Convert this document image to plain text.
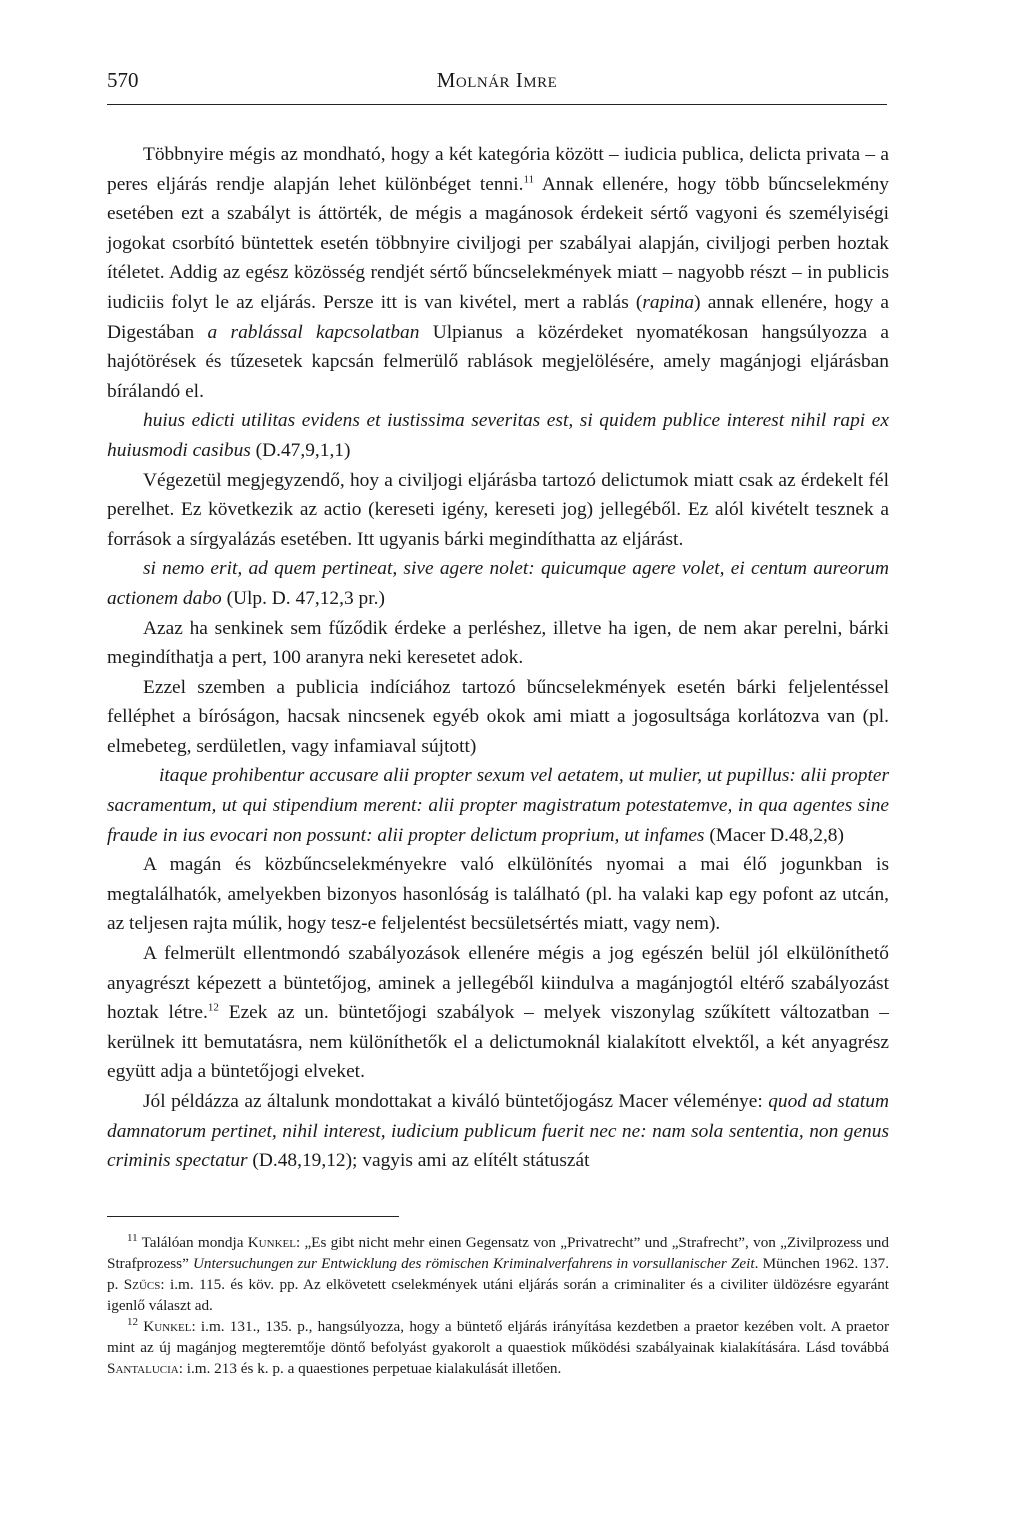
570	Molnár Imre

Többnyire mégis az mondható, hogy a két kategória között – iudicia publica, delicta privata – a peres eljárás rendje alapján lehet különbéget tenni.$^{11}$ Annak ellenére, hogy több bűncselekmény esetében ezt a szabályt is áttörték, de mégis a magánosok érdekeit sértő vagyoni és személyiségi jogokat csorbító büntettek esetén többnyire civiljogi per szabályai alapján, civiljogi perben hoztak ítéletet. Addig az egész közösség rendjét sértő bűncselekmények miatt – nagyobb részt – in publicis iudiciis folyt le az eljárás. Persze itt is van kivétel, mert a rablás (rapina) annak ellenére, hogy a Digestában a rablással kapcsolatban Ulpianus a közérdeket nyomatékosan hangsúlyozza a hajótörések és tűzesetek kapcsán felmerülő rablások megjelölésére, amely magánjogi eljárásban bírálandó el.

huius edicti utilitas evidens et iustissima severitas est, si quidem publice interest nihil rapi ex huiusmodi casibus (D.47,9,1,1)

Végezetül megjegyzendő, hoy a civiljogi eljárásba tartozó delictumok miatt csak az érdekelt fél perelhet. Ez következik az actio (kereseti igény, kereseti jog) jellegéből. Ez alól kivételt tesznek a források a sírgyalázás esetében. Itt ugyanis bárki megindíthatta az eljárást.

si nemo erit, ad quem pertineat, sive agere nolet: quicumque agere volet, ei centum aureorum actionem dabo (Ulp. D. 47,12,3 pr.)

Azaz ha senkinek sem fűződik érdeke a perléshez, illetve ha igen, de nem akar perelni, bárki megindíthatja a pert, 100 aranyra neki keresetet adok.

Ezzel szemben a publicia indíciához tartozó bűncselekmények esetén bárki feljelentéssel felléphet a bíróságon, hacsak nincsenek egyéb okok ami miatt a jogosultsága korlátozva van (pl. elmebeteg, serdületlen, vagy infamiaval sújtott)

itaque prohibentur accusare alii propter sexum vel aetatem, ut mulier, ut pupillus: alii propter sacramentum, ut qui stipendium merent: alii propter magistratum potestatemve, in qua agentes sine fraude in ius evocari non possunt: alii propter delictum proprium, ut infames (Macer D.48,2,8)

A magán és közbűncselekményekre való elkülönítés nyomai a mai élő jogunkban is megtalálhatók, amelyekben bizonyos hasonlóság is található (pl. ha valaki kap egy pofont az utcán, az teljesen rajta múlik, hogy tesz-e feljelentést becsületsértés miatt, vagy nem).

A felmerült ellentmondó szabályozások ellenére mégis a jog egészén belül jól elkülöníthető anyagrészt képezett a büntetőjog, aminek a jellegéből kiindulva a magánjogtól eltérő szabályozást hoztak létre.$^{12}$ Ezek az un. büntetőjogi szabályok – melyek viszonylag szűkített változatban – kerülnek itt bemutatásra, nem különíthetők el a delictumoknál kialakított elvektől, a két anyagrész együtt adja a büntetőjogi elveket.

Jól példázza az általunk mondottakat a kiváló büntetőjogász Macer véleménye: quod ad statum damnatorum pertinet, nihil interest, iudicium publicum fuerit nec ne: nam sola sententia, non genus criminis spectatur (D.48,19,12); vagyis ami az elítélt státuszát

$^{11}$ Találóan mondja Kunkel: „Es gibt nicht mehr einen Gegensatz von „Privatrecht” und „Strafrecht”, von „Zivilprozess und Strafprozess” Untersuchungen zur Entwicklung des römischen Kriminalverfahrens in vorsullanischer Zeit. München 1962. 137. p. Szűcs: i.m. 115. és köv. pp. Az elkövetett cselekmények utáni eljárás során a criminaliter és a civiliter üldözésre egyaránt igenlő választ ad.

$^{12}$ Kunkel: i.m. 131., 135. p., hangsúlyozza, hogy a büntető eljárás irányítása kezdetben a praetor kezében volt. A praetor mint az új magánjog megteremtője döntő befolyást gyakorolt a quaestiok működési szabályainak kialakítására. Lásd továbbá Santalucia: i.m. 213 és k. p. a quaestiones perpetuae kialakulását illetően.
